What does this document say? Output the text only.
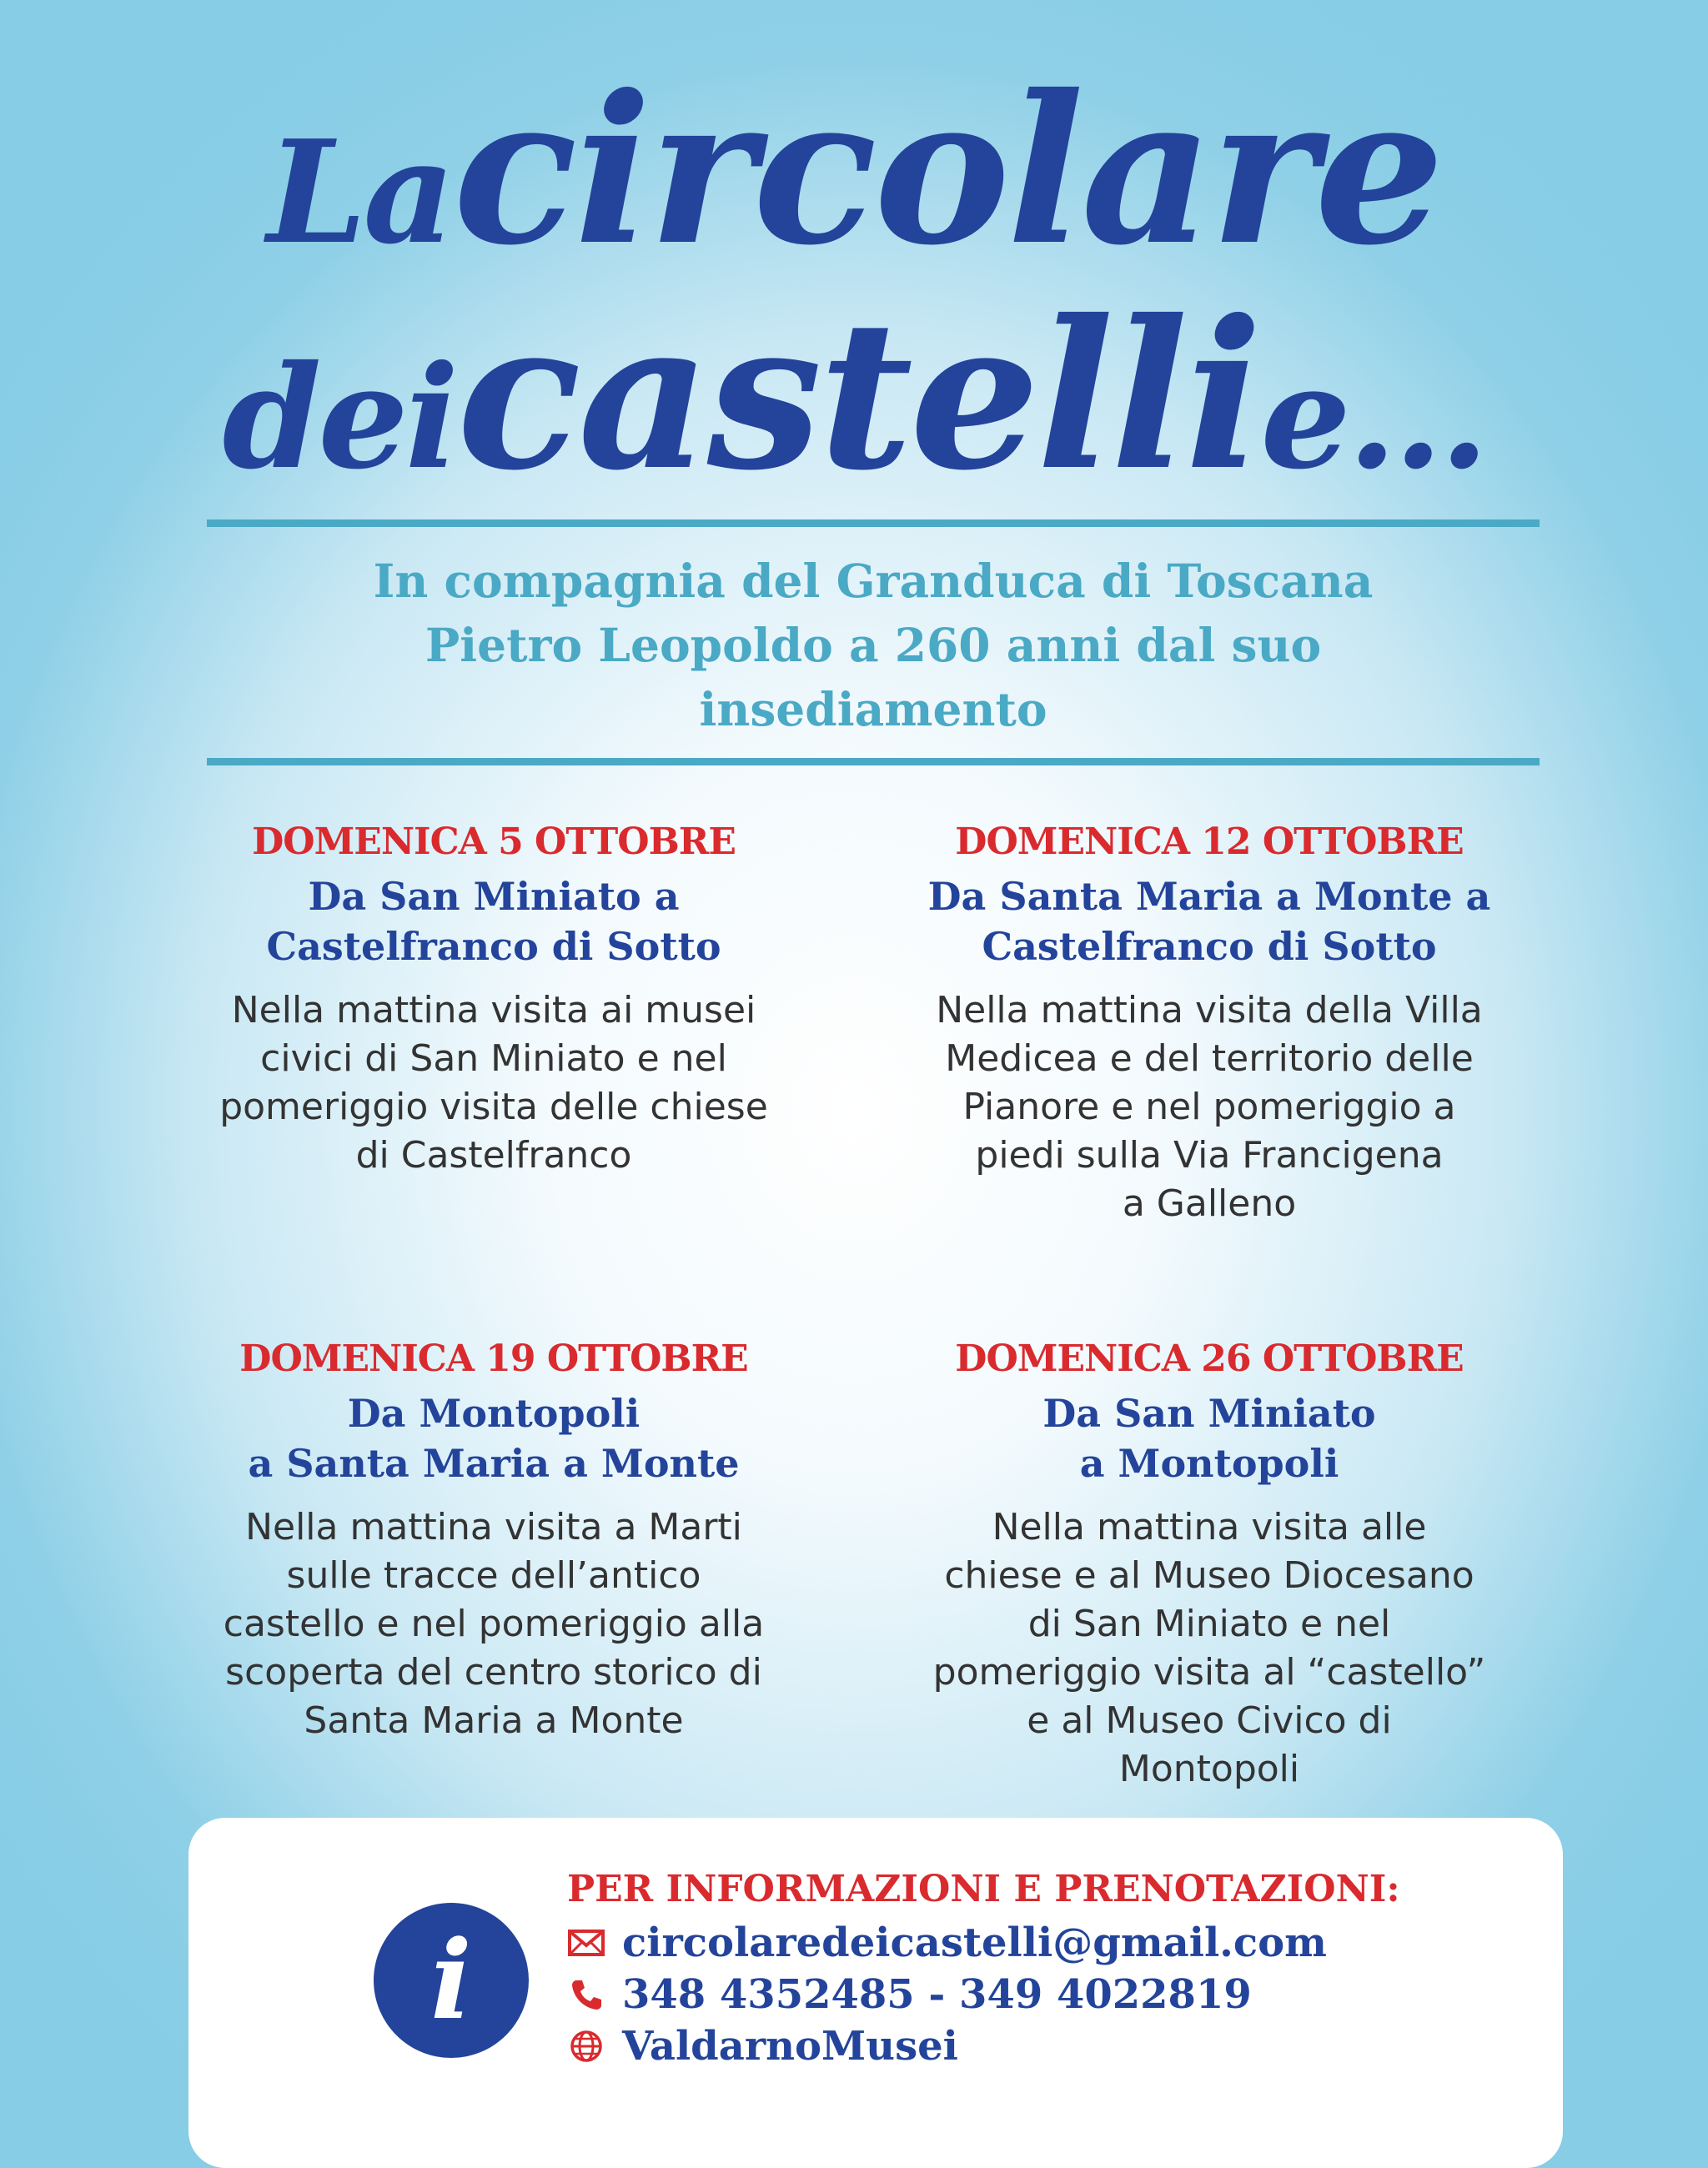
La circolare
dei castelli e...
In compagnia del Granduca di Toscana
Pietro Leopoldo a 260 anni dal suo
insediamento

DOMENICA 5 OTTOBRE

Da San Miniato a
Castelfranco di Sotto

Nella mattina visita ai musei
civici di San Miniato e nel
pomeriggio visita delle chiese
di Castelfranco

DOMENICA 12 OTTOBRE

Da Santa Maria a Monte a
Castelfranco di Sotto

Nella mattina visita della Villa
Medicea e del territorio delle
Pianore e nel pomeriggio a
piedi sulla Via Francigena
a Galleno

DOMENICA 19 OTTOBRE

Da Montopoli
a Santa Maria a Monte

Nella mattina visita a Marti
sulle tracce dell’antico
castello e nel pomeriggio alla
scoperta del centro storico di
Santa Maria a Monte

DOMENICA 26 OTTOBRE

Da San Miniato
a Montopoli

Nella mattina visita alle
chiese e al Museo Diocesano
di San Miniato e nel
pomeriggio visita al “castello”
e al Museo Civico di
Montopoli

i
PER INFORMAZIONI E PRENOTAZIONI:
circolaredeicastelli@gmail.com
348 4352485 - 349 4022819
ValdarnoMusei
